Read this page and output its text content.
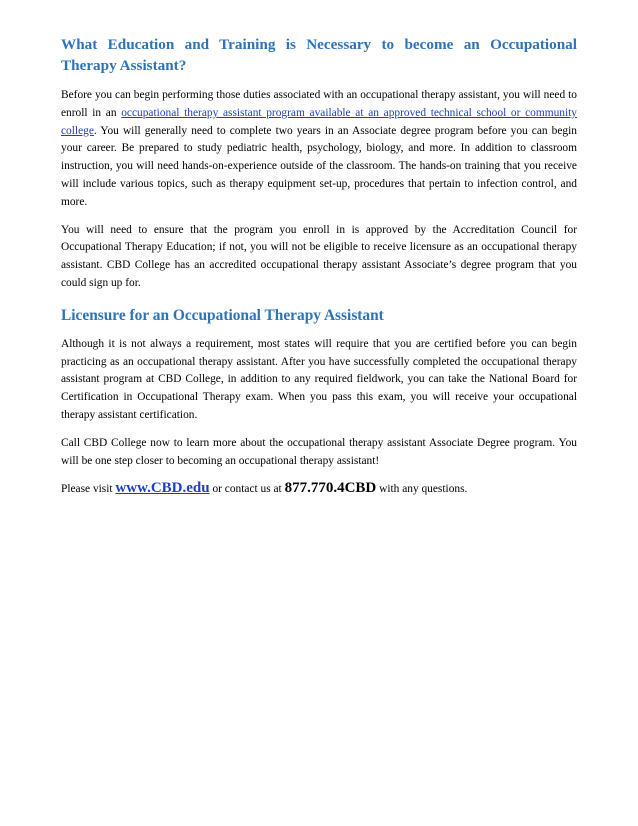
What Education and Training is Necessary to become an Occupational Therapy Assistant?

Before you can begin performing those duties associated with an occupational therapy assistant, you will need to enroll in an occupational therapy assistant program available at an approved technical school or community college. You will generally need to complete two years in an Associate degree program before you can begin your career. Be prepared to study pediatric health, psychology, biology, and more. In addition to classroom instruction, you will need hands-on-experience outside of the classroom. The hands-on training that you receive will include various topics, such as therapy equipment set-up, procedures that pertain to infection control, and more.

You will need to ensure that the program you enroll in is approved by the Accreditation Council for Occupational Therapy Education; if not, you will not be eligible to receive licensure as an occupational therapy assistant. CBD College has an accredited occupational therapy assistant Associate’s degree program that you could sign up for.

Licensure for an Occupational Therapy Assistant

Although it is not always a requirement, most states will require that you are certified before you can begin practicing as an occupational therapy assistant. After you have successfully completed the occupational therapy assistant program at CBD College, in addition to any required fieldwork, you can take the National Board for Certification in Occupational Therapy exam. When you pass this exam, you will receive your occupational therapy assistant certification.

Call CBD College now to learn more about the occupational therapy assistant Associate Degree program. You will be one step closer to becoming an occupational therapy assistant!

Please visit www.CBD.edu or contact us at 877.770.4CBD with any questions.
